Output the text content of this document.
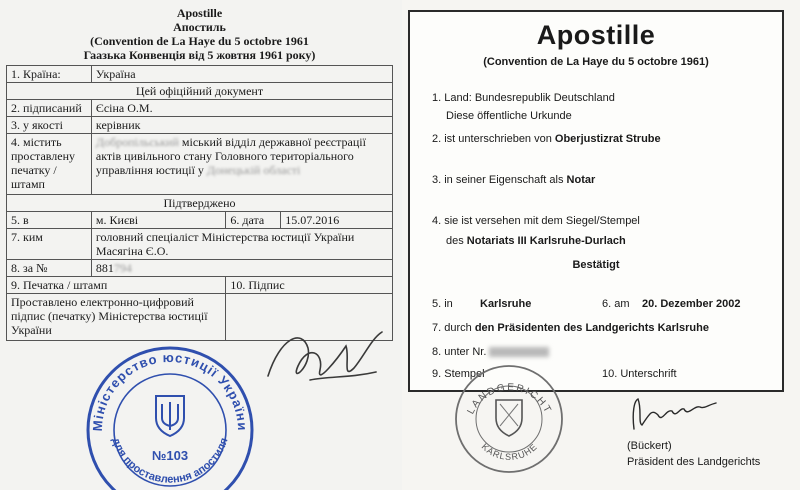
Apostille
Апостиль
(Convention de La Haye du 5 octobre 1961
Гаазька Конвенція від 5 жовтня 1961 року)
1. Країна:	Україна		
Цей офіційний документ			
2. підписаний	Єсіна О.М.		
3. у якості	керівник		
4. містить проставлену печатку / штамп	Добропільський міський відділ державної реєстрації актів цивільного стану Головного територіального управління юстиції у Донецькій області		
Підтверджено			
5. в	м. Києві	6. дата	15.07.2016
7. ким	головний спеціаліст Міністерства юстиції України Масягіна Є.О.		
8. за №	881794		
9. Печатка / штамп		10. Підпис	
Проставлено електронно-цифровий підпис (печатку) Міністерства юстиції України			
Міністерство юстиції України
для проставлення апостиля
№103
Apostille
(Convention de La Haye du 5 octobre 1961)
1. Land: Bundesrepublik Deutschland
Diese öffentliche Urkunde
2. ist unterschrieben von Oberjustizrat Strube
3. in seiner Eigenschaft als Notar
4. sie ist versehen mit dem Siegel/Stempel
des Notariats III Karlsruhe-Durlach
Bestätigt
5. in Karlsruhe	6. am 20. Dezember 2002
7. durch den Präsidenten des Landgerichts Karlsruhe
8. unter Nr.
9. Stempel	10. Unterschrift
LANDGERICHT
KARLSRUHE	(Bückert)
Präsident des Landgerichts
